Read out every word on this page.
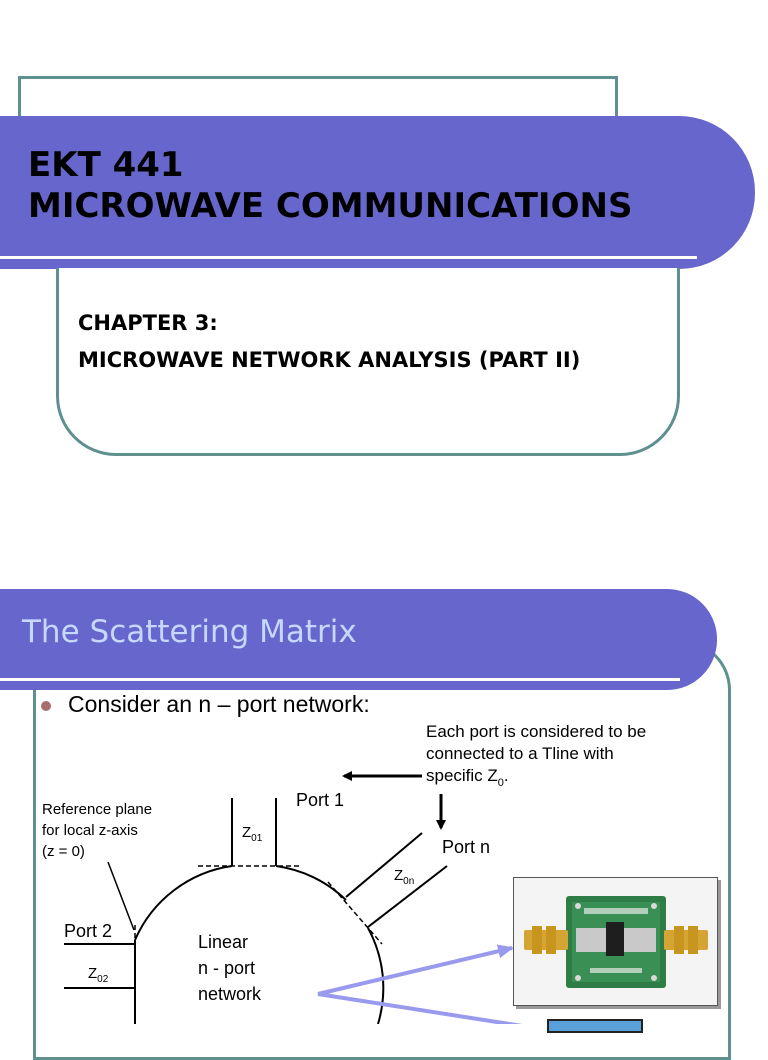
EKT 441
MICROWAVE COMMUNICATIONS
CHAPTER 3:
MICROWAVE NETWORK ANALYSIS (PART II)
The Scattering Matrix
Consider an n – port network:
Each port is considered to be
connected to a Tline with
specific $Z_0$.
Reference plane
for local z-axis
(z = 0)
Port 1
Port n
Port 2
$Z_{01}$
$Z_{0n}$
$Z_{02}$
Linear
n - port
network
